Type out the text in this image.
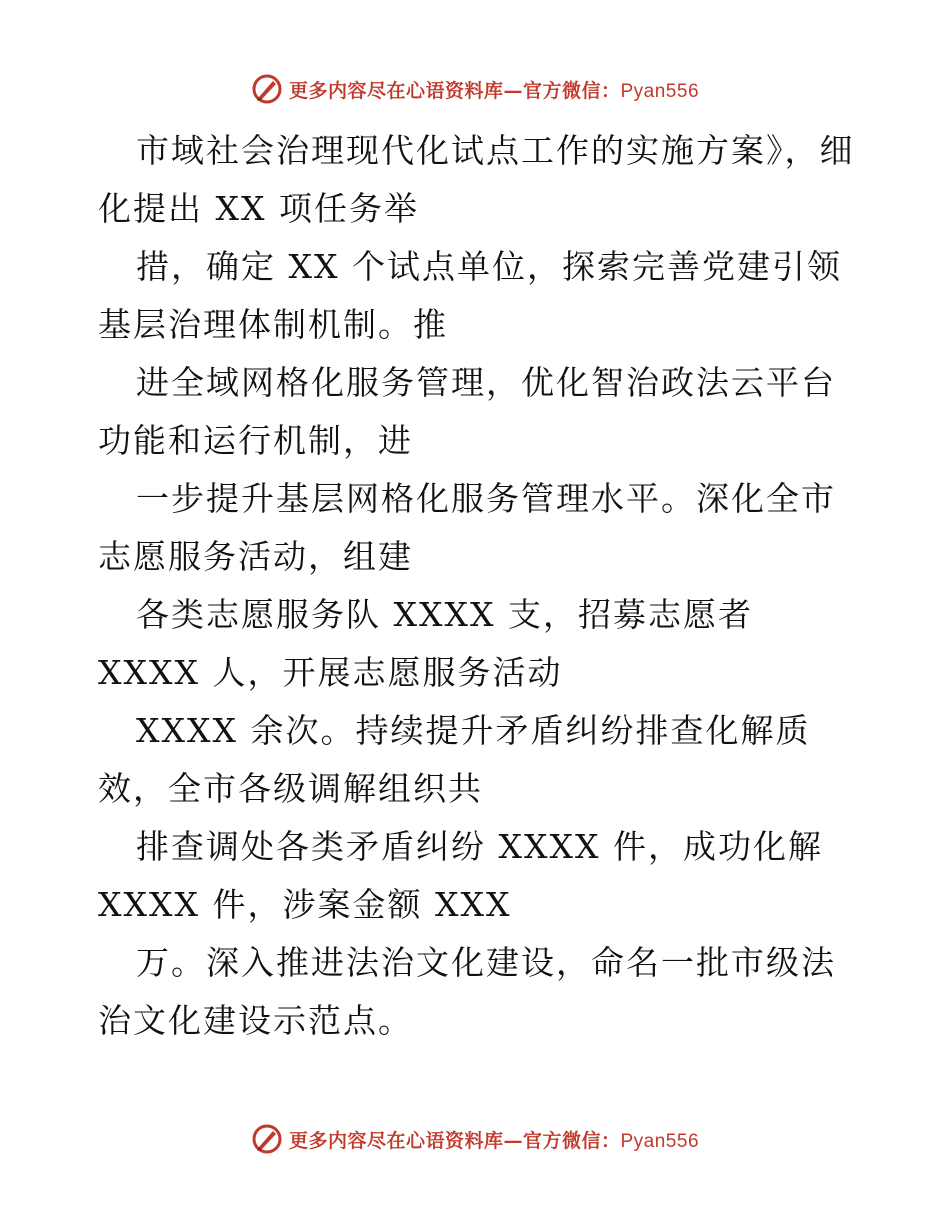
更多内容尽在心语资料库—官方微信：Pyan556

市域社会治理现代化试点工作的实施方案》，细化提出 XX 项任务举

措，确定 XX 个试点单位，探索完善党建引领基层治理体制机制。推

进全域网格化服务管理，优化智治政法云平台功能和运行机制，进

一步提升基层网格化服务管理水平。深化全市志愿服务活动，组建

各类志愿服务队 XXXX 支，招募志愿者 XXXX 人，开展志愿服务活动

XXXX 余次。持续提升矛盾纠纷排查化解质效，全市各级调解组织共

排查调处各类矛盾纠纷 XXXX 件，成功化解 XXXX 件，涉案金额 XXX

万。深入推进法治文化建设，命名一批市级法治文化建设示范点。

更多内容尽在心语资料库—官方微信：Pyan556
